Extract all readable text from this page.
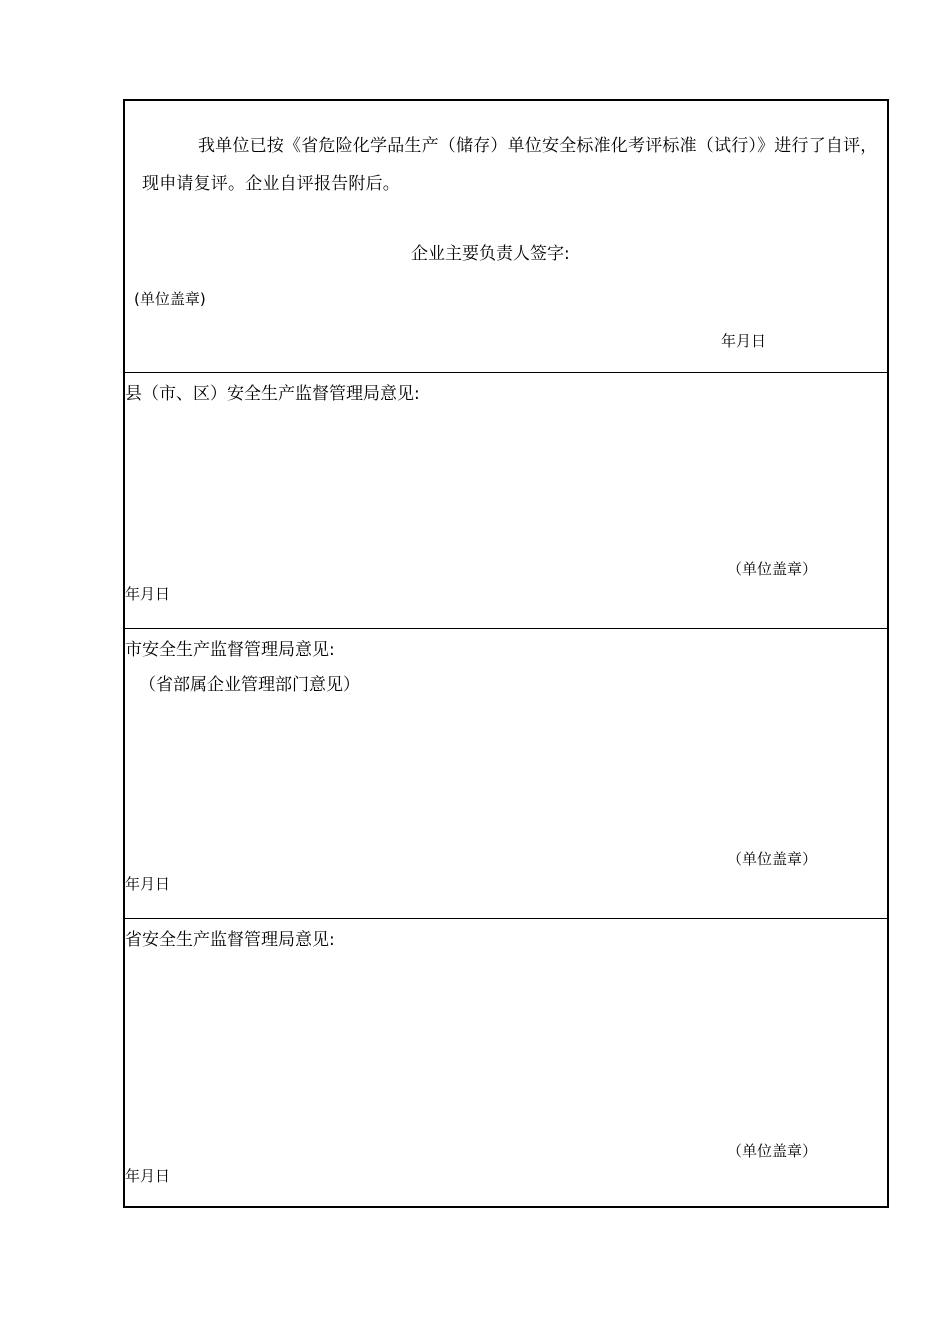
我单位已按《省危险化学品生产（储存）单位安全标准化考评标准（试行）》进行了自评，现申请复评。企业自评报告附后。
企业主要负责人签字:
(单位盖章)
年月日
县（市、区）安全生产监督管理局意见:
（单位盖章）
年月日
市安全生产监督管理局意见:
（省部属企业管理部门意见）
（单位盖章）
年月日
省安全生产监督管理局意见:
（单位盖章）
年月日
